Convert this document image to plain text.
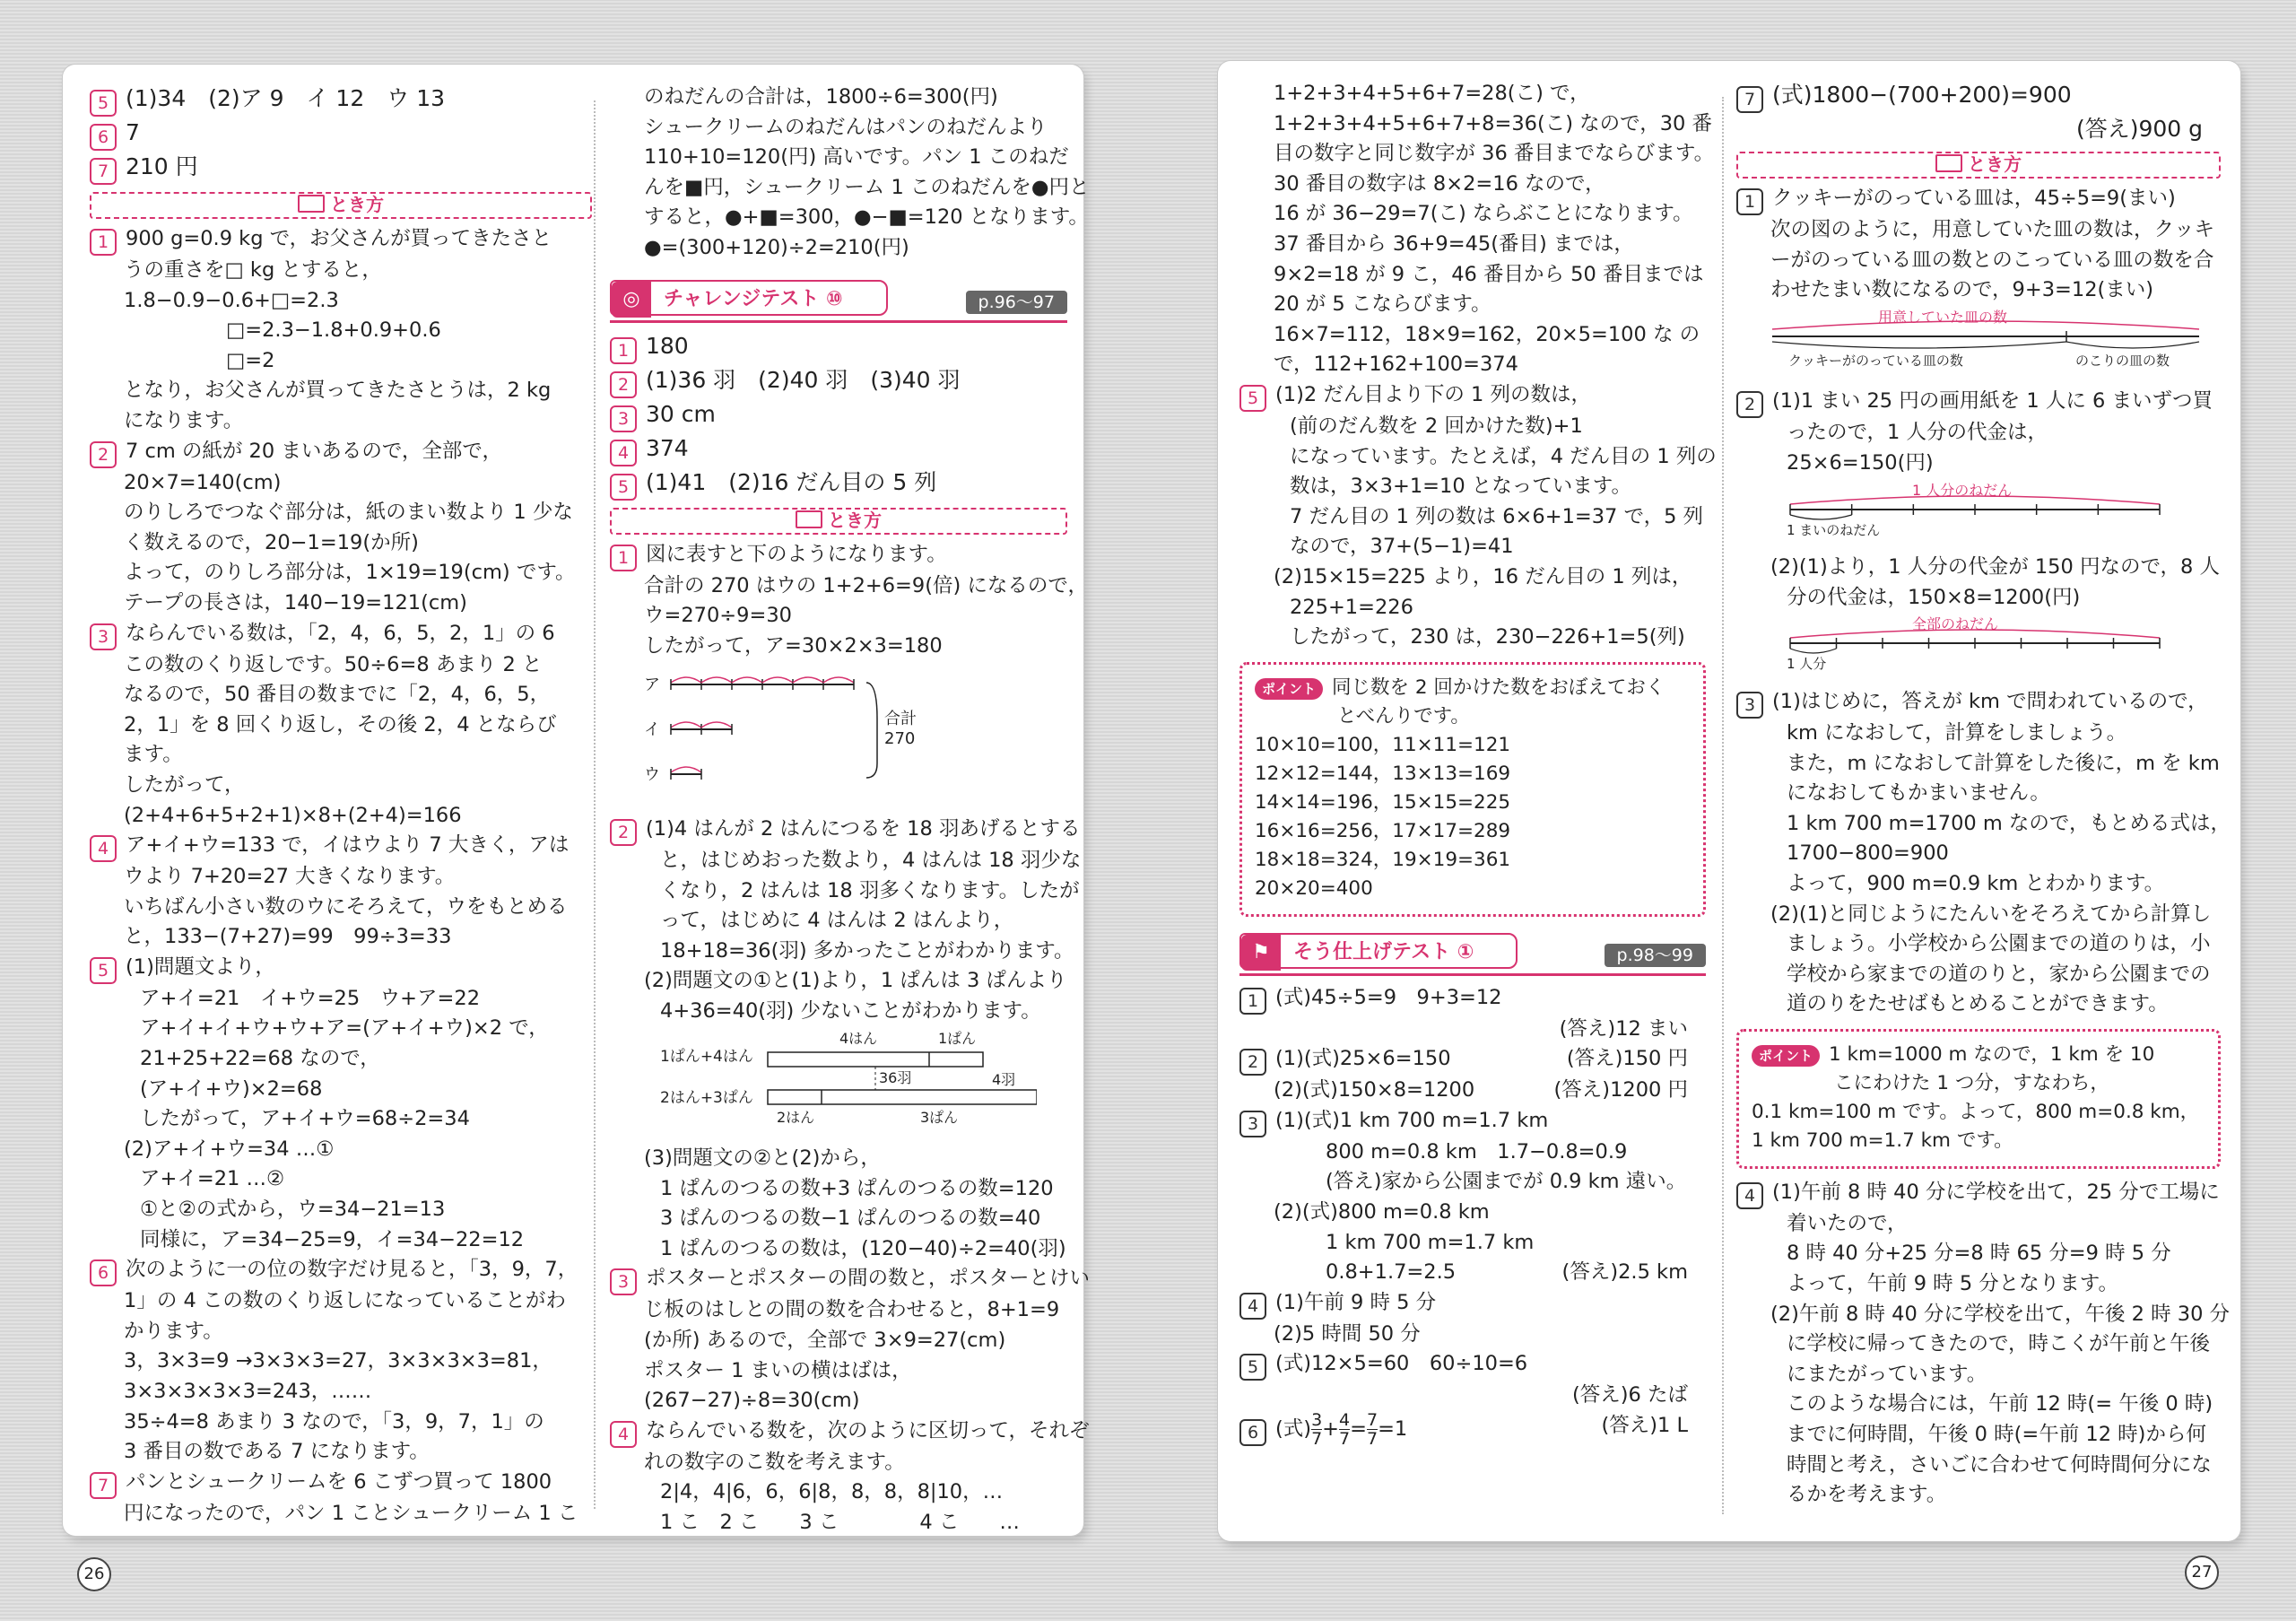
5 (1)34　(2)ア 9　イ 12　ウ 13
6 7
7 210 円
とき方
1 900 g=0.9 kg で，お父さんが買ってきたさと
うの重さを□ kg とすると，
1.8−0.9−0.6+□=2.3
□=2.3−1.8+0.9+0.6
□=2
となり，お父さんが買ってきたさとうは，2 kg
になります。
2 7 cm の紙が 20 まいあるので，全部で，
20×7=140(cm)
のりしろでつなぐ部分は，紙のまい数より 1 少な
く数えるので，20−1=19(か所)
よって，のりしろ部分は，1×19=19(cm) です。
テープの長さは，140−19=121(cm)
3 ならんでいる数は，「2，4，6，5，2，1」の 6
この数のくり返しです。50÷6=8 あまり 2 と
なるので，50 番目の数までに「2，4，6，5，
2，1」を 8 回くり返し，その後 2，4 とならび
ます。
したがって，
(2+4+6+5+2+1)×8+(2+4)=166
4 ア+イ+ウ=133 で，イはウより 7 大きく，アは
ウより 7+20=27 大きくなります。
いちばん小さい数のウにそろえて，ウをもとめる
と，133−(7+27)=99　99÷3=33
5 (1)問題文より，
ア+イ=21　イ+ウ=25　ウ+ア=22
ア+イ+イ+ウ+ウ+ア=(ア+イ+ウ)×2 で，
21+25+22=68 なので，
(ア+イ+ウ)×2=68
したがって，ア+イ+ウ=68÷2=34
(2)ア+イ+ウ=34 …①
ア+イ=21 …②
①と②の式から，ウ=34−21=13
同様に，ア=34−25=9，イ=34−22=12
6 次のように一の位の数字だけ見ると，「3，9，7，
1」の 4 この数のくり返しになっていることがわ
かります。
3，3×3=9 →3×3×3=27，3×3×3×3=81，
3×3×3×3×3=243，……
35÷4=8 あまり 3 なので，「3，9，7，1」の
3 番目の数である 7 になります。
7 パンとシュークリームを 6 こずつ買って 1800
円になったので，パン 1 ことシュークリーム 1 こ
のねだんの合計は，1800÷6=300(円)
シュークリームのねだんはパンのねだんより
110+10=120(円) 高いです。パン 1 このねだ
んを■円，シュークリーム 1 このねだんを●円と
すると，●+■=300，●−■=120 となります。
●=(300+120)÷2=210(円)
◎	チャレンジテスト ⑩	p.96〜97
1 180
2 (1)36 羽　(2)40 羽　(3)40 羽
3 30 cm
4 374
5 (1)41　(2)16 だん目の 5 列
とき方
1 図に表すと下のようになります。
合計の 270 はウの 1+2+6=9(倍) になるので，
ウ=270÷9=30
したがって，ア=30×2×3=180
ア
イ
ウ
合計
270
2 (1)4 はんが 2 はんにつるを 18 羽あげるとする
と，はじめおった数より，4 はんは 18 羽少な
くなり，2 はんは 18 羽多くなります。したが
って，はじめに 4 はんは 2 はんより，
18+18=36(羽) 多かったことがわかります。
(2)問題文の①と(1)より，1 ぱんは 3 ぱんより
4+36=40(羽) 少ないことがわかります。
1ぱん+4はん
2はん+3ぱん
4はん	1ぱん
36羽	4羽
2はん	3ぱん
(3)問題文の②と(2)から，
1 ぱんのつるの数+3 ぱんのつるの数=120
3 ぱんのつるの数−1 ぱんのつるの数=40
1 ぱんのつるの数は，(120−40)÷2=40(羽)
3 ポスターとポスターの間の数と，ポスターとけい
じ板のはしとの間の数を合わせると，8+1=9
(か所) あるので，全部で 3×9=27(cm)
ポスター 1 まいの横はばは，
(267−27)÷8=30(cm)
4 ならんでいる数を，次のように区切って，それぞ
れの数字のこ数を考えます。
2|4，4|6，6，6|8，8，8，8|10，…
1 こ　2 こ　　3 こ　　　　4 こ　　…
26
1+2+3+4+5+6+7=28(こ) で，
1+2+3+4+5+6+7+8=36(こ) なので，30 番
目の数字と同じ数字が 36 番目までならびます。
30 番目の数字は 8×2=16 なので，
16 が 36−29=7(こ) ならぶことになります。
37 番目から 36+9=45(番目) までは，
9×2=18 が 9 こ，46 番目から 50 番目までは
20 が 5 こならびます。
16×7=112，18×9=162，20×5=100 な の
で，112+162+100=374
5 (1)2 だん目より下の 1 列の数は，
(前のだん数を 2 回かけた数)+1
になっています。たとえば，4 だん目の 1 列の
数は，3×3+1=10 となっています。
7 だん目の 1 列の数は 6×6+1=37 で，5 列
なので，37+(5−1)=41
(2)15×15=225 より，16 だん目の 1 列は，
225+1=226
したがって，230 は，230−226+1=5(列)
ポイント 同じ数を 2 回かけた数をおぼえておく
とべんりです。
10×10=100，11×11=121
12×12=144，13×13=169
14×14=196，15×15=225
16×16=256，17×17=289
18×18=324，19×19=361
20×20=400
⚑	そう仕上げテスト ①	p.98〜99
1 (式)45÷5=9　9+3=12
(答え)12 まい
2 (1)(式)25×6=150	(答え)150 円
(2)(式)150×8=1200	(答え)1200 円
3 (1)(式)1 km 700 m=1.7 km
800 m=0.8 km　1.7−0.8=0.9
(答え)家から公園までが 0.9 km 遠い。
(2)(式)800 m=0.8 km
1 km 700 m=1.7 km
0.8+1.7=2.5	(答え)2.5 km
4 (1)午前 9 時 5 分
(2)5 時間 50 分
5 (式)12×5=60　60÷10=6
(答え)6 たば
6 (式) $\frac{3}{7} + \frac{4}{7} = \frac{7}{7} =1$	(答え)1 L
7 (式)1800−(700+200)=900
(答え)900 g
とき方
1 クッキーがのっている皿は，45÷5=9(まい)
次の図のように，用意していた皿の数は，クッキ
ーがのっている皿の数とのこっている皿の数を合
わせたまい数になるので，9+3=12(まい)
用意していた皿の数
クッキーがのっている皿の数	のこりの皿の数
2 (1)1 まい 25 円の画用紙を 1 人に 6 まいずつ買
ったので，1 人分の代金は，
25×6=150(円)
1 人分のねだん
1 まいのねだん
(2)(1)より，1 人分の代金が 150 円なので，8 人
分の代金は，150×8=1200(円)
全部のねだん
1 人分
3 (1)はじめに，答えが km で問われているので，
km になおして，計算をしましょう。
また，m になおして計算をした後に，m を km
になおしてもかまいません。
1 km 700 m=1700 m なので，もとめる式は，
1700−800=900
よって，900 m=0.9 km とわかります。
(2)(1)と同じようにたんいをそろえてから計算し
ましょう。小学校から公園までの道のりは，小
学校から家までの道のりと，家から公園までの
道のりをたせばもとめることができます。
ポイント 1 km=1000 m なので，1 km を 10
こにわけた 1 つ分，すなわち，
0.1 km=100 m です。よって，800 m=0.8 km，
1 km 700 m=1.7 km です。
4 (1)午前 8 時 40 分に学校を出て，25 分で工場に
着いたので，
8 時 40 分+25 分=8 時 65 分=9 時 5 分
よって，午前 9 時 5 分となります。
(2)午前 8 時 40 分に学校を出て，午後 2 時 30 分
に学校に帰ってきたので，時こくが午前と午後
にまたがっています。
このような場合には，午前 12 時(= 午後 0 時)
までに何時間，午後 0 時(=午前 12 時)から何
時間と考え，さいごに合わせて何時間何分にな
るかを考えます。
27
